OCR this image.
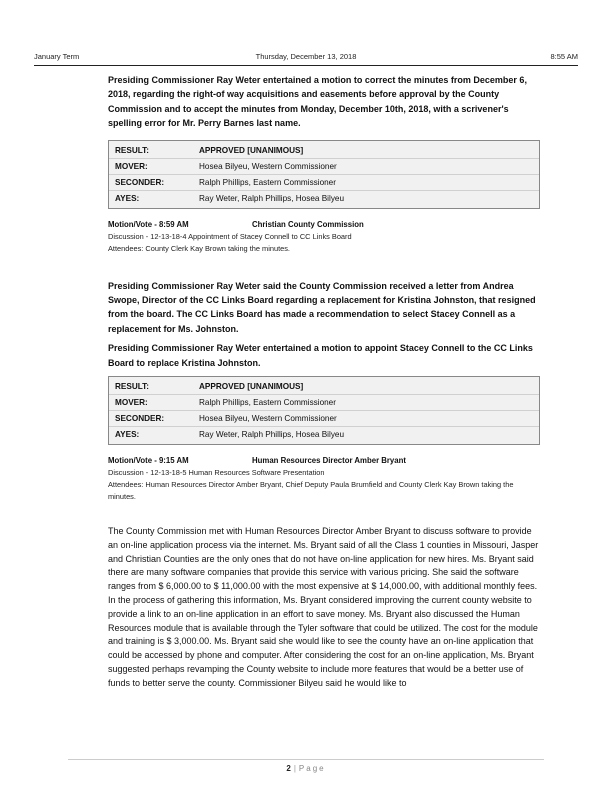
January Term	Thursday, December 13, 2018	8:55 AM

Presiding Commissioner Ray Weter entertained a motion to correct the minutes from December 6, 2018, regarding the right-of way acquisitions and easements before approval by the County Commission and to accept the minutes from Monday, December 10th, 2018, with a scrivener's spelling error for Mr. Perry Barnes last name.

RESULT:	APPROVED [UNANIMOUS]
MOVER:	Hosea Bilyeu, Western Commissioner
SECONDER:	Ralph Phillips, Eastern Commissioner
AYES:	Ray Weter, Ralph Phillips, Hosea Bilyeu
Motion/Vote - 8:59 AM	Christian County Commission

Discussion - 12-13-18-4 Appointment of Stacey Connell to CC Links Board

Attendees: County Clerk Kay Brown taking the minutes.

Presiding Commissioner Ray Weter said the County Commission received a letter from Andrea Swope, Director of the CC Links Board regarding a replacement for Kristina Johnston, that resigned from the board. The CC Links Board has made a recommendation to select Stacey Connell as a replacement for Ms. Johnston.

Presiding Commissioner Ray Weter entertained a motion to appoint Stacey Connell to the CC Links Board to replace Kristina Johnston.

RESULT:	APPROVED [UNANIMOUS]
MOVER:	Ralph Phillips, Eastern Commissioner
SECONDER:	Hosea Bilyeu, Western Commissioner
AYES:	Ray Weter, Ralph Phillips, Hosea Bilyeu
Motion/Vote - 9:15 AM	Human Resources Director Amber Bryant

Discussion - 12-13-18-5 Human Resources Software Presentation

Attendees: Human Resources Director Amber Bryant, Chief Deputy Paula Brumfield and County Clerk Kay Brown taking the minutes.

The County Commission met with Human Resources Director Amber Bryant to discuss software to provide an on-line application process via the internet. Ms. Bryant said of all the Class 1 counties in Missouri, Jasper and Christian Counties are the only ones that do not have on-line application for new hires. Ms. Bryant said there are many software companies that provide this service with various pricing. She said the software ranges from $ 6,000.00 to $ 11,000.00 with the most expensive at $ 14,000.00, with additional monthly fees. In the process of gathering this information, Ms. Bryant considered improving the current county website to provide a link to an on-line application in an effort to save money. Ms. Bryant also discussed the Human Resources module that is available through the Tyler software that could be utilized. The cost for the module and training is $ 3,000.00. Ms. Bryant said she would like to see the county have an on-line application that could be accessed by phone and computer. After considering the cost for an on-line application, Ms. Bryant suggested perhaps revamping the County website to include more features that would be a better use of funds to better serve the county. Commissioner Bilyeu said he would like to

2 | Page
